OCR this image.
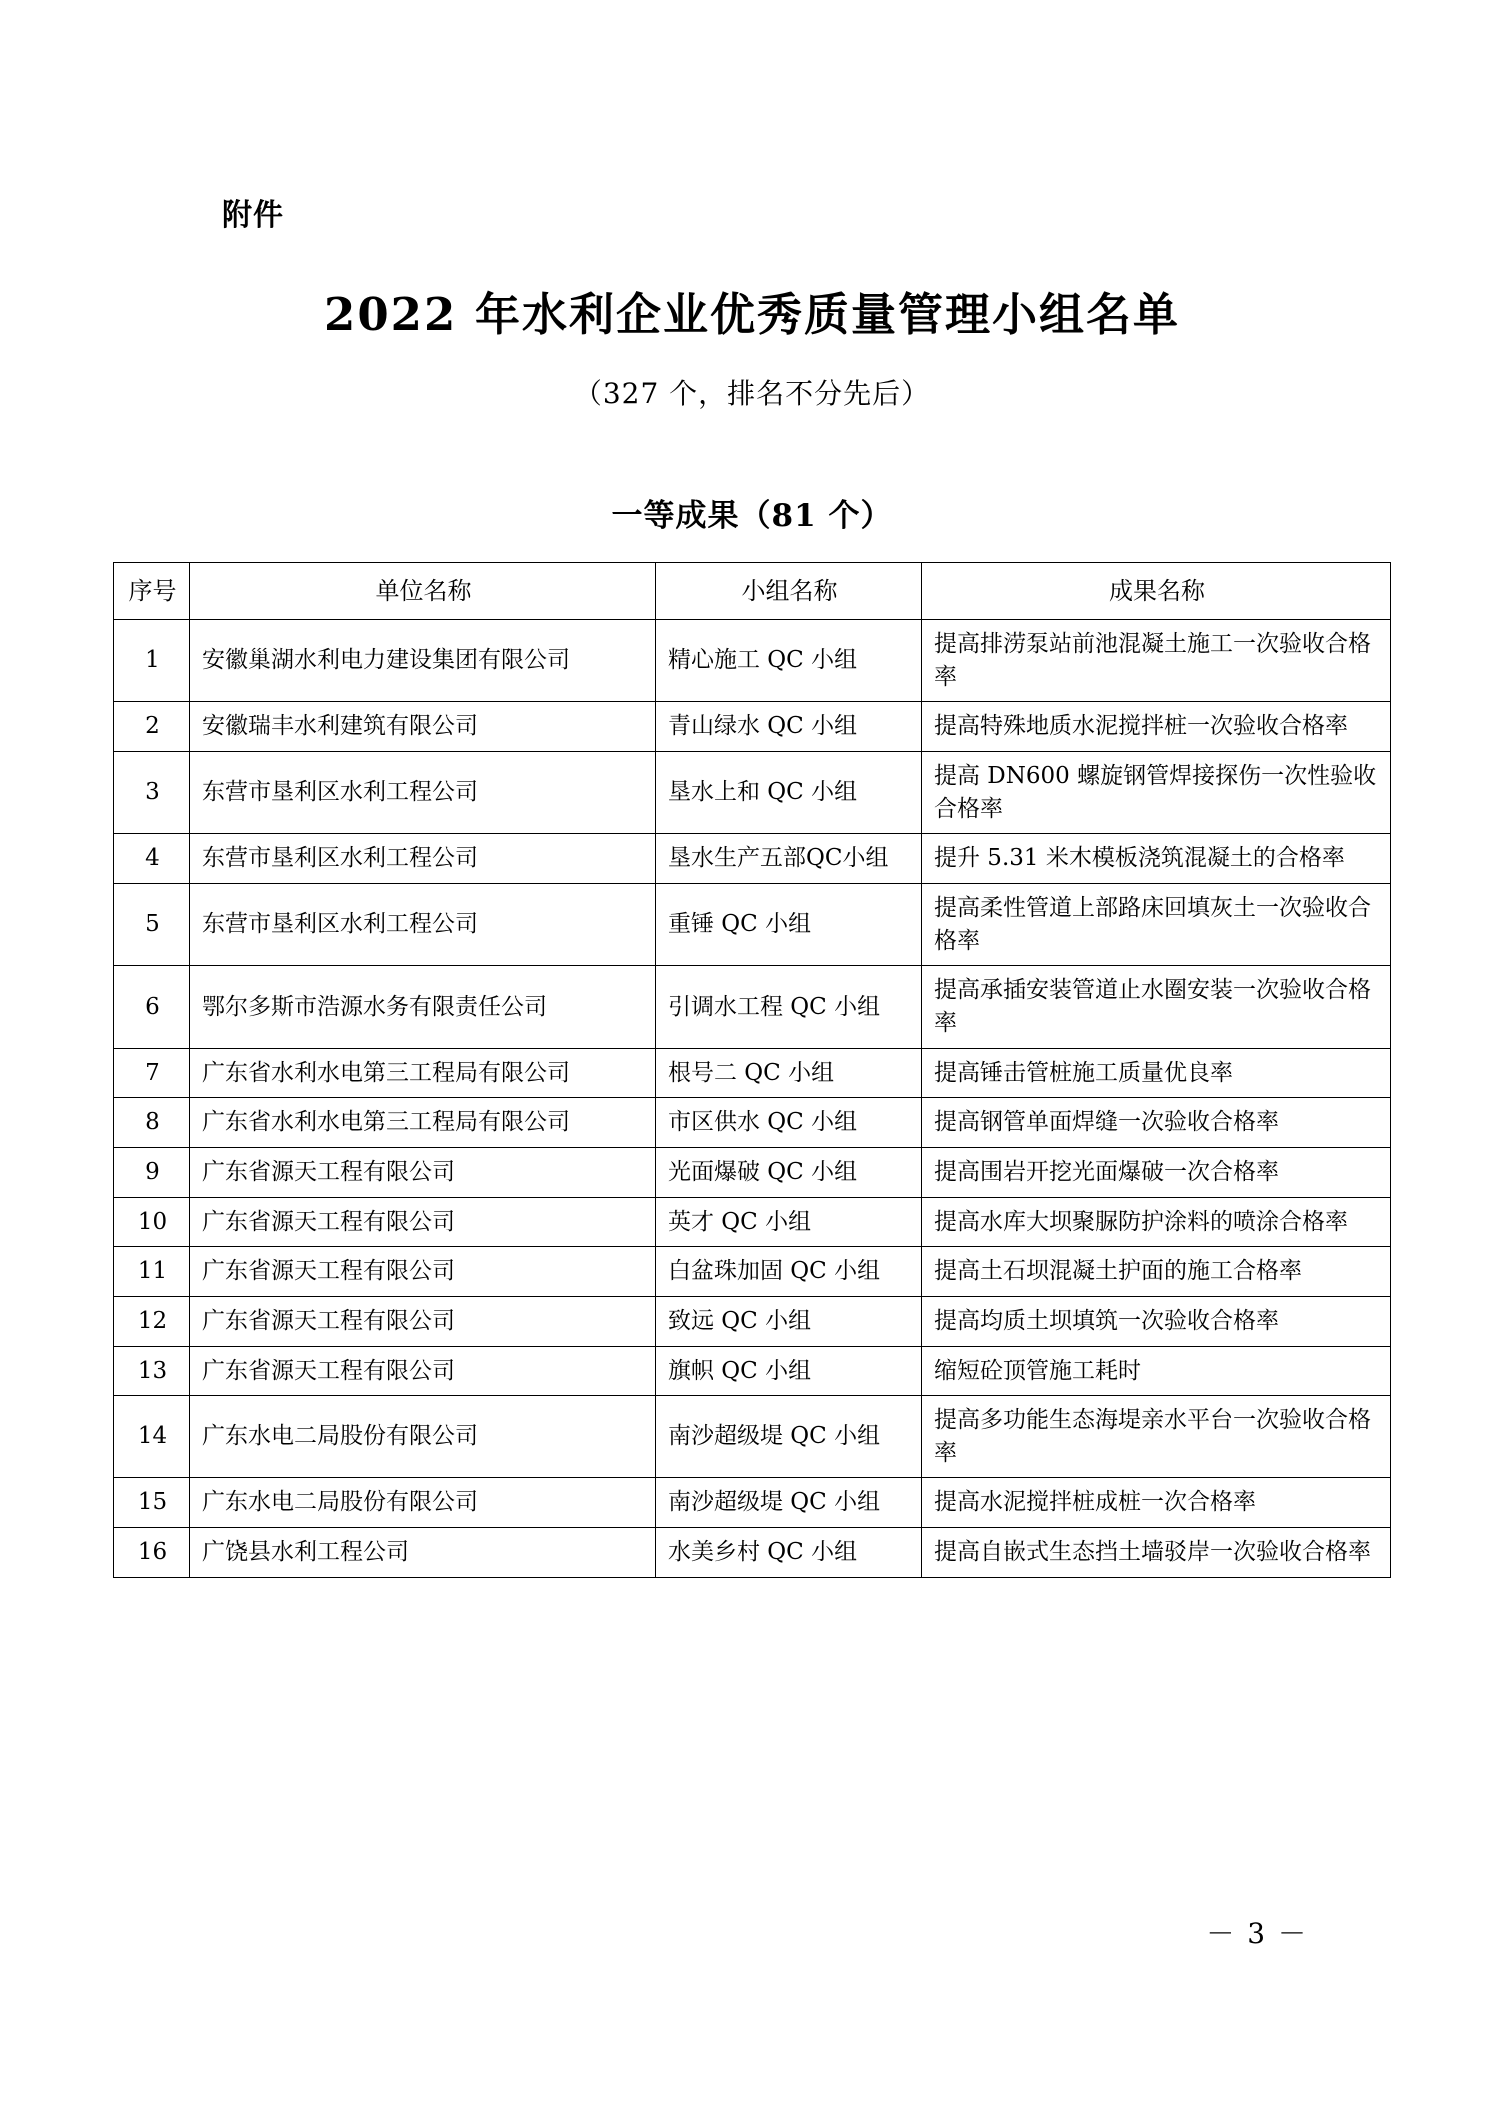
附件
2022 年水利企业优秀质量管理小组名单
（327 个，排名不分先后）
一等成果（81 个）
序号	单位名称	小组名称	成果名称
1	安徽巢湖水利电力建设集团有限公司	精心施工 QC 小组	提高排涝泵站前池混凝土施工一次验收合格率
2	安徽瑞丰水利建筑有限公司	青山绿水 QC 小组	提高特殊地质水泥搅拌桩一次验收合格率
3	东营市垦利区水利工程公司	垦水上和 QC 小组	提高 DN600 螺旋钢管焊接探伤一次性验收合格率
4	东营市垦利区水利工程公司	垦水生产五部QC小组	提升 5.31 米木模板浇筑混凝土的合格率
5	东营市垦利区水利工程公司	重锤 QC 小组	提高柔性管道上部路床回填灰土一次验收合格率
6	鄂尔多斯市浩源水务有限责任公司	引调水工程 QC 小组	提高承插安装管道止水圈安装一次验收合格率
7	广东省水利水电第三工程局有限公司	根号二 QC 小组	提高锤击管桩施工质量优良率
8	广东省水利水电第三工程局有限公司	市区供水 QC 小组	提高钢管单面焊缝一次验收合格率
9	广东省源天工程有限公司	光面爆破 QC 小组	提高围岩开挖光面爆破一次合格率
10	广东省源天工程有限公司	英才 QC 小组	提高水库大坝聚脲防护涂料的喷涂合格率
11	广东省源天工程有限公司	白盆珠加固 QC 小组	提高土石坝混凝土护面的施工合格率
12	广东省源天工程有限公司	致远 QC 小组	提高均质土坝填筑一次验收合格率
13	广东省源天工程有限公司	旗帜 QC 小组	缩短砼顶管施工耗时
14	广东水电二局股份有限公司	南沙超级堤 QC 小组	提高多功能生态海堤亲水平台一次验收合格率
15	广东水电二局股份有限公司	南沙超级堤 QC 小组	提高水泥搅拌桩成桩一次合格率
16	广饶县水利工程公司	水美乡村 QC 小组	提高自嵌式生态挡土墙驳岸一次验收合格率
－ 3 －
